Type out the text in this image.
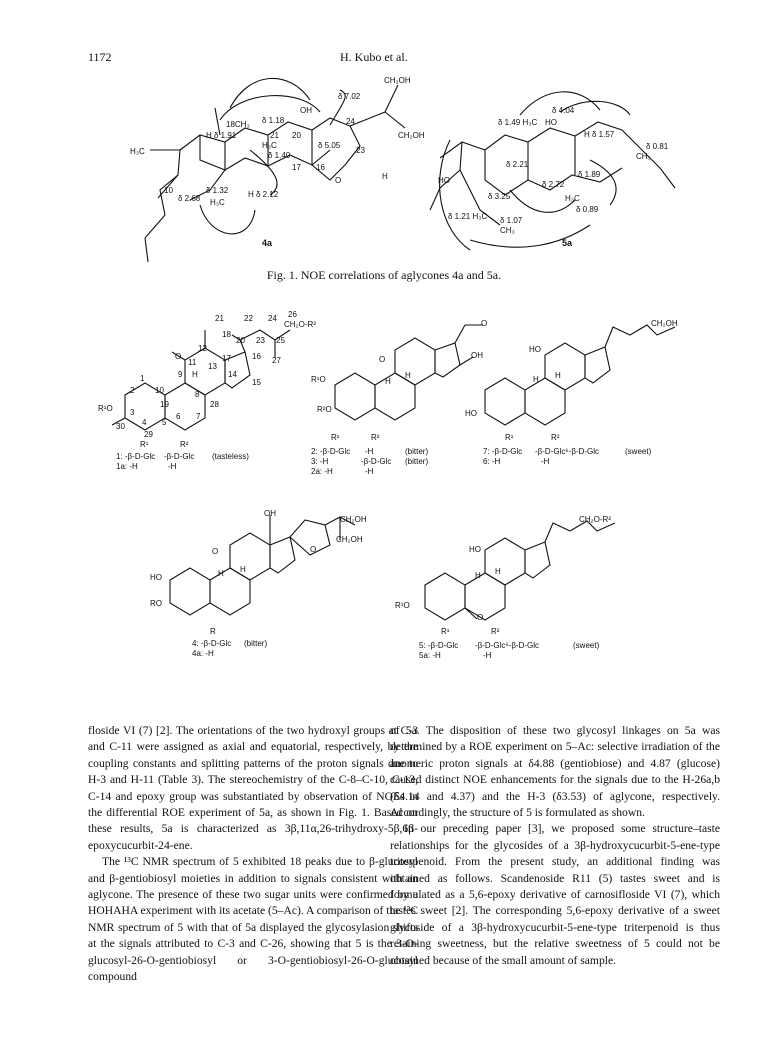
1172	H. Kubo et al.
δ 7.02
CH₂OH
OH
δ 1.18
18CH₃
H δ 1.91	21 20
H₃C
δ 1.40
δ 5.05
24
CH₂OH
23
H₃C
17 16
O	H
10
δ 2.68
δ 1.32
H₃C
H δ 2.12
4a
δ 4.04
δ 1.49 H₃C HO
H δ 1.57
δ 0.81
CH₃
δ 2.21
δ 1.89
δ 2.72
HO
δ 3.25	H₃C
δ 0.89
δ 1.21 H₃C δ 1.07
CH₃
5a
Fig. 1. NOE correlations of aglycones 4a and 5a.
21	22 24 26
CH₂O-R²
18
20 23 25
12
O	17	16 27
11 13
14
15
1	9 H
2	10	8
R¹O	19	28
3
4 5
6 7
30
29
R¹	R²
1: -β-D-Glc -β-D-Glc (tasteless)
1a: -H	-H
O
O	OH
R¹O	H
H
R²O
R¹	R²
2: -β-D-Glc -H	(bitter)
3: -H	-β-D-Glc (bitter)
2a: -H	-H
CH₂OH
HO
H H
HO
R¹	R²
7: -β-D-Glc -β-D-Glc⁶-β-D-Glc	(sweet)
6: -H	-H
OH
CH₂OH
CH₂OH
O
O
HO	H H
RO
R
4: -β-D-Glc (bitter)
4a: -H
CH₂O-R²
HO
H H
R¹O
O
R¹	R²
5: -β-D-Glc -β-D-Glc⁶-β-D-Glc	(sweet)
5a: -H	-H

floside VI (7) [2]. The orientations of the two hydroxyl groups at C-3 and C-11 were assigned as axial and equatorial, respectively, by the coupling constants and splitting patterns of the proton signals due to H-3 and H-11 (Table 3). The stereochemistry of the C-8–C-10, C-13, C-14 and epoxy group was substantiated by observation of NOEs in the differential ROE experiment of 5a, as shown in Fig. 1. Based on these results, 5a is characterized as 3β,11α,26-trihydroxy-5β,6β-epoxycucurbit-24-ene.

The ¹³C NMR spectrum of 5 exhibited 18 peaks due to β-glucosyl and β-gentiobiosyl moieties in addition to signals consistent with an aglycone. The presence of these two sugar units were confirmed by a HOHAHA experiment with its acetate (5–Ac). A comparison of the ¹³C NMR spectrum of 5 with that of 5a displayed the glycosylasion shifts at the signals attributed to C-3 and C-26, showing that 5 is the 3-O-glucosyl-26-O-gentiobiosyl or 3-O-gentiobiosyl-26-O-glucosyl compound

of 5a. The disposition of these two glycosyl linkages on 5a was determined by a ROE experiment on 5–Ac: selective irradiation of the anomeric proton signals at δ4.88 (gentiobiose) and 4.87 (glucose) caused distinct NOE enhancements for the signals due to the H-26a,b (δ4.14 and 4.37) and the H-3 (δ3.53) of aglycone, respectively. Accordingly, the structure of 5 is formulated as shown.

In our preceding paper [3], we proposed some structure–taste relationships for the glycosides of a 3β-hydroxycucurbit-5-ene-type triterpenoid. From the present study, an additional finding was obtained as follows. Scandenoside R11 (5) tastes sweet and is formulated as a 5,6-epoxy derivative of carnosifloside VI (7), which tastes sweet [2]. The corresponding 5,6-epoxy derivative of a sweet glycoside of a 3β-hydroxycucurbit-5-ene-type triterpenoid is thus retaining sweetness, but the relative sweetness of 5 could not be obtained because of the small amount of sample.
